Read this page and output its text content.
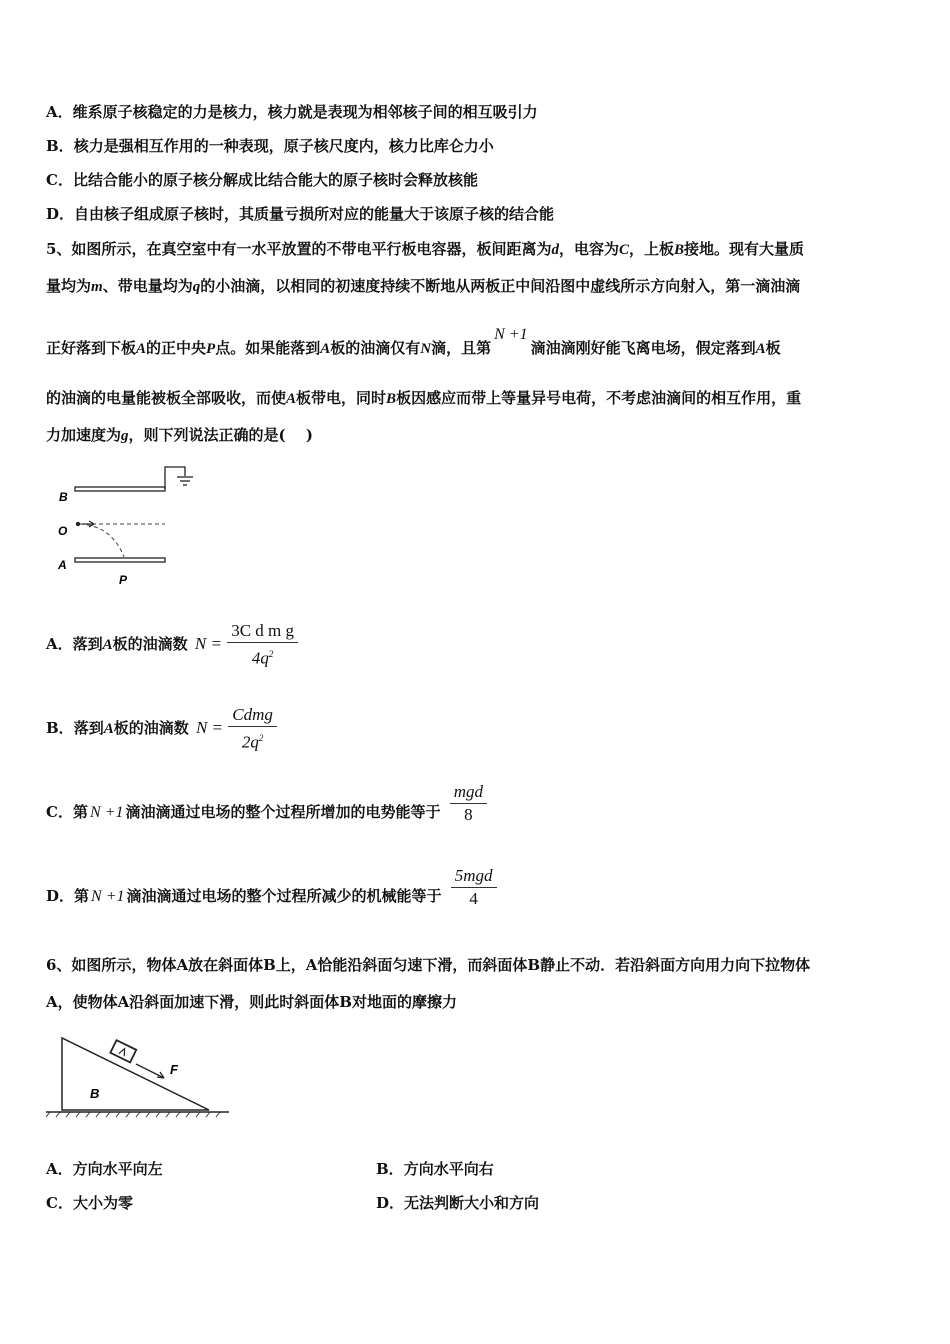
A．维系原子核稳定的力是核力，核力就是表现为相邻核子间的相互吸引力
B．核力是强相互作用的一种表现，原子核尺度内，核力比库仑力小
C．比结合能小的原子核分解成比结合能大的原子核时会释放核能
D．自由核子组成原子核时，其质量亏损所对应的能量大于该原子核的结合能
5、如图所示，在真空室中有一水平放置的不带电平行板电容器，板间距离为d，电容为C，上板B接地。现有大量质
量均为m、带电量均为q的小油滴，以相同的初速度持续不断地从两板正中间沿图中虚线所示方向射入，第一滴油滴
正好落到下板A的正中央P点。如果能落到A板的油滴仅有N滴，且第N +1滴油滴刚好能飞离电场，假定落到A板
的油滴的电量能被板全部吸收，而使A板带电，同时B板因感应而带上等量异号电荷，不考虑油滴间的相互作用，重
力加速度为g，则下列说法正确的是(　 )
B
O
A
P
A．落到A板的油滴数 $N = \frac{\text{3C d m g}}{4q^2}$
B．落到A板的油滴数 $N = \frac{\text{Cdmg}}{2q^2}$
C．第 N +1 滴油滴通过电场的整个过程所增加的电势能等于 $\frac{\text{mgd}}{8}$
D．第 N +1 滴油滴通过电场的整个过程所减少的机械能等于 $\frac{\text{5mgd}}{4}$
6、如图所示，物体A放在斜面体B上，A恰能沿斜面匀速下滑，而斜面体B静止不动．若沿斜面方向用力向下拉物体
A，使物体A沿斜面加速下滑，则此时斜面体B对地面的摩擦力
F
B
A．方向水平向左	B．方向水平向右
C．大小为零	D．无法判断大小和方向
